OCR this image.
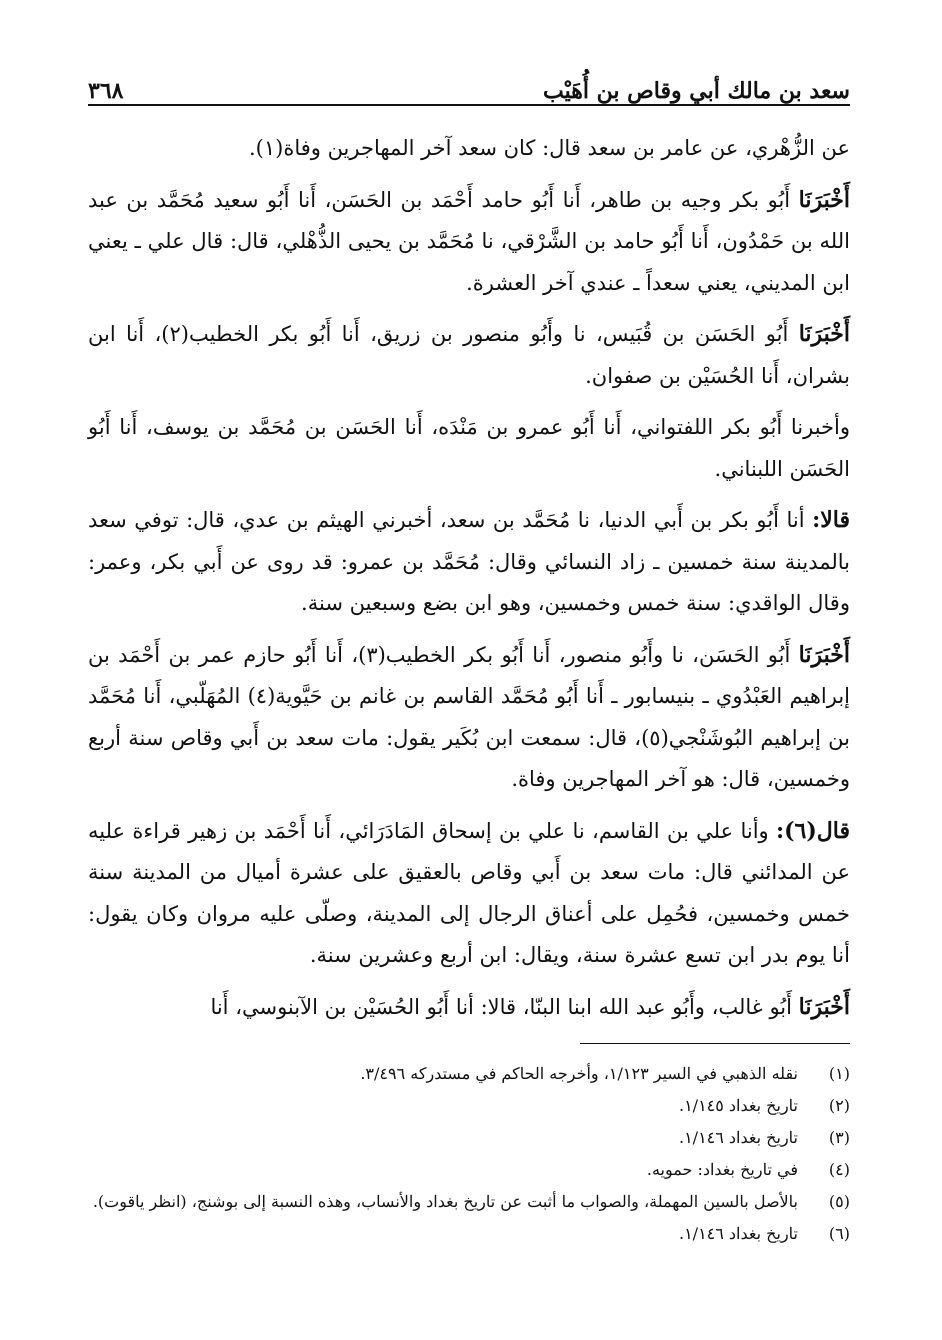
سعد بن مالك أبي وقاص بن أُهَيْب
٣٦٨

عن الزُّهْري، عن عامر بن سعد قال: كان سعد آخر المهاجرين وفاة(١).

أَخْبَرَنَا أَبُو بكر وجيه بن طاهر، أَنا أَبُو حامد أَحْمَد بن الحَسَن، أَنا أَبُو سعيد مُحَمَّد بن عبد الله بن حَمْدُون، أَنا أَبُو حامد بن الشَّرْقي، نا مُحَمَّد بن يحيى الذُّهْلي، قال: قال علي ـ يعني ابن المديني، يعني سعداً ـ عندي آخر العشرة.

أَخْبَرَنَا أَبُو الحَسَن بن قُبَيس، نا وأَبُو منصور بن زريق، أَنا أَبُو بكر الخطيب(٢)، أَنا ابن بشران، أَنا الحُسَيْن بن صفوان.

وأخبرنا أَبُو بكر اللفتواني، أَنا أَبُو عمرو بن مَنْدَه، أَنا الحَسَن بن مُحَمَّد بن يوسف، أَنا أَبُو الحَسَن اللبناني.

قالا: أنا أَبُو بكر بن أَبي الدنيا، نا مُحَمَّد بن سعد، أخبرني الهيثم بن عدي، قال: توفي سعد بالمدينة سنة خمسين ـ زاد النسائي وقال: مُحَمَّد بن عمرو: قد روى عن أَبي بكر، وعمر: وقال الواقدي: سنة خمس وخمسين، وهو ابن بضع وسبعين سنة.

أَخْبَرَنَا أَبُو الحَسَن، نا وأَبُو منصور، أَنا أَبُو بكر الخطيب(٣)، أَنا أَبُو حازم عمر بن أَحْمَد بن إبراهيم العَبْدُوي ـ بنيسابور ـ أَنا أَبُو مُحَمَّد القاسم بن غانم بن حَيَّوية(٤) المُهَلّبي، أَنا مُحَمَّد بن إبراهيم البُوشَنْجي(٥)، قال: سمعت ابن بُكَير يقول: مات سعد بن أَبي وقاص سنة أربع وخمسين، قال: هو آخر المهاجرين وفاة.

قال(٦): وأنا علي بن القاسم، نا علي بن إسحاق المَادَرَائي، أَنا أَحْمَد بن زهير قراءة عليه عن المدائني قال: مات سعد بن أَبي وقاص بالعقيق على عشرة أميال من المدينة سنة خمس وخمسين، فحُمِل على أعناق الرجال إلى المدينة، وصلّى عليه مروان وكان يقول: أنا يوم بدر ابن تسع عشرة سنة، ويقال: ابن أربع وعشرين سنة.

أَخْبَرَنَا أَبُو غالب، وأَبُو عبد الله ابنا البنّا، قالا: أنا أَبُو الحُسَيْن بن الآبنوسي، أَنا

(١)
نقله الذهبي في السير ١/١٢٣، وأخرجه الحاكم في مستدركه ٣/٤٩٦.
(٢)
تاريخ بغداد ١/١٤٥.
(٣)
تاريخ بغداد ١/١٤٦.
(٤)
في تاريخ بغداد: حمويه.
(٥)
بالأصل بالسين المهملة، والصواب ما أثبت عن تاريخ بغداد والأنساب، وهذه النسبة إلى بوشنج، (انظر ياقوت).
(٦)
تاريخ بغداد ١/١٤٦.
